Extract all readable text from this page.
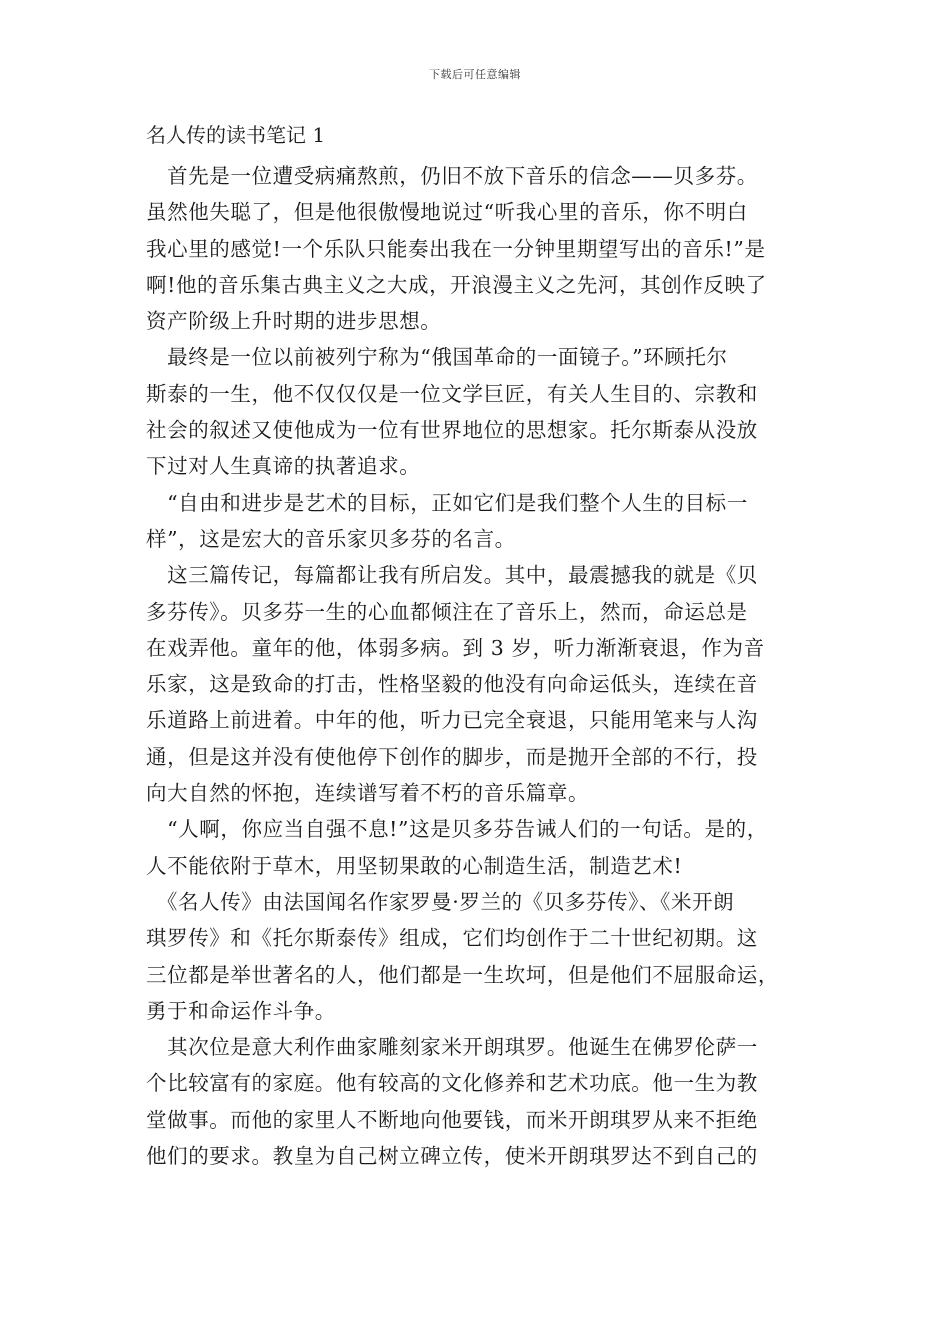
下载后可任意编辑
名人传的读书笔记 1
　首先是一位遭受病痛熬煎，仍旧不放下音乐的信念——贝多芬。
虽然他失聪了，但是他很傲慢地说过“听我心里的音乐，你不明白
我心里的感觉!一个乐队只能奏出我在一分钟里期望写出的音乐!”是
啊!他的音乐集古典主义之大成，开浪漫主义之先河，其创作反映了
资产阶级上升时期的进步思想。
　最终是一位以前被列宁称为“俄国革命的一面镜子。”环顾托尔
斯泰的一生，他不仅仅仅是一位文学巨匠，有关人生目的、宗教和
社会的叙述又使他成为一位有世界地位的思想家。托尔斯泰从没放
下过对人生真谛的执著追求。
　“自由和进步是艺术的目标，正如它们是我们整个人生的目标一
样”，这是宏大的音乐家贝多芬的名言。
　这三篇传记，每篇都让我有所启发。其中，最震撼我的就是《贝
多芬传》。贝多芬一生的心血都倾注在了音乐上，然而，命运总是
在戏弄他。童年的他，体弱多病。到 3 岁，听力渐渐衰退，作为音
乐家，这是致命的打击，性格坚毅的他没有向命运低头，连续在音
乐道路上前进着。中年的他，听力已完全衰退，只能用笔来与人沟
通，但是这并没有使他停下创作的脚步，而是抛开全部的不行，投
向大自然的怀抱，连续谱写着不朽的音乐篇章。
　“人啊，你应当自强不息!”这是贝多芬告诫人们的一句话。是的，
人不能依附于草木，用坚韧果敢的心制造生活，制造艺术!
　《名人传》由法国闻名作家罗曼·罗兰的《贝多芬传》、《米开朗
琪罗传》和《托尔斯泰传》组成，它们均创作于二十世纪初期。这
三位都是举世著名的人，他们都是一生坎坷，但是他们不屈服命运，
勇于和命运作斗争。
　其次位是意大利作曲家雕刻家米开朗琪罗。他诞生在佛罗伦萨一
个比较富有的家庭。他有较高的文化修养和艺术功底。他一生为教
堂做事。而他的家里人不断地向他要钱，而米开朗琪罗从来不拒绝
他们的要求。教皇为自己树立碑立传，使米开朗琪罗达不到自己的
